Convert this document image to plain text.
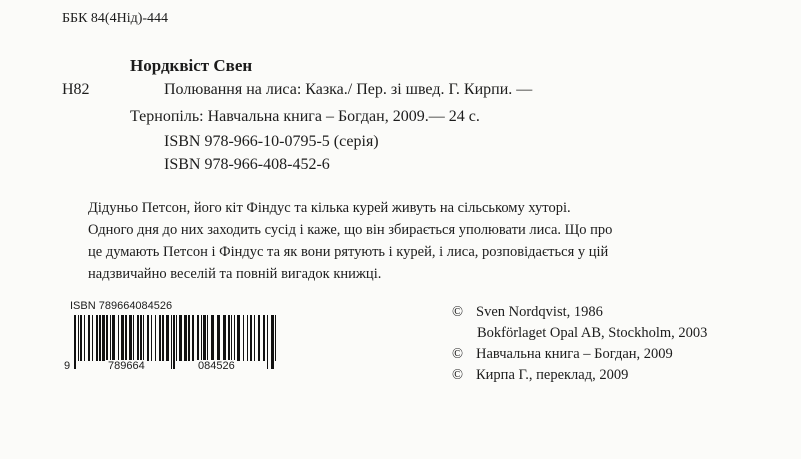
ББК 84(4Нід)-444
Нордквіст Свен
Н82	Полювання на лиса: Казка./ Пер. зі швед. Г. Кирпи. —
Тернопіль: Навчальна книга – Богдан, 2009.— 24 с.
ISBN 978-966-10-0795-5 (серія)
ISBN 978-966-408-452-6

Дідуньо Петсон, його кіт Фіндус та кілька курей живуть на сільському хуторі.

Одного дня до них заходить сусід і каже, що він збирається уполювати лиса. Що про

це думають Петсон і Фіндус та як вони рятують і курей, і лиса, розповідається у цій

надзвичайно веселій та повній вигадок книжці.

ISBN 789664084526
9	789664	084526
© Sven Nordqvist, 1986
Bokförlaget Opal AB, Stockholm, 2003
© Навчальна книга – Богдан, 2009
© Кирпа Г., переклад, 2009
